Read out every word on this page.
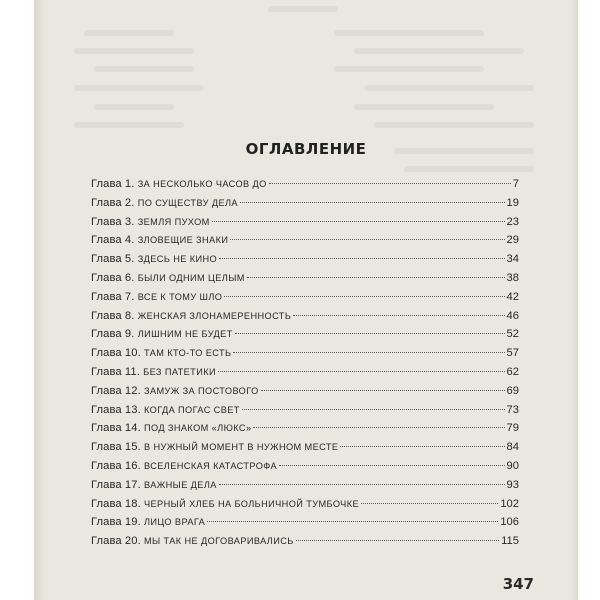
ОГЛАВЛЕНИЕ
Глава 1. ЗА НЕСКОЛЬКО ЧАСОВ ДО	7
Глава 2. ПО СУЩЕСТВУ ДЕЛА	19
Глава 3. ЗЕМЛЯ ПУХОМ	23
Глава 4. ЗЛОВЕЩИЕ ЗНАКИ	29
Глава 5. ЗДЕСЬ НЕ КИНО	34
Глава 6. БЫЛИ ОДНИМ ЦЕЛЫМ	38
Глава 7. ВСЕ К ТОМУ ШЛО	42
Глава 8. ЖЕНСКАЯ ЗЛОНАМЕРЕННОСТЬ	46
Глава 9. ЛИШНИМ НЕ БУДЕТ	52
Глава 10. ТАМ КТО-ТО ЕСТЬ	57
Глава 11. БЕЗ ПАТЕТИКИ	62
Глава 12. ЗАМУЖ ЗА ПОСТОВОГО	69
Глава 13. КОГДА ПОГАС СВЕТ	73
Глава 14. ПОД ЗНАКОМ «ЛЮКС»	79
Глава 15. В НУЖНЫЙ МОМЕНТ В НУЖНОМ МЕСТЕ	84
Глава 16. ВСЕЛЕНСКАЯ КАТАСТРОФА	90
Глава 17. ВАЖНЫЕ ДЕЛА	93
Глава 18. ЧЕРНЫЙ ХЛЕБ НА БОЛЬНИЧНОЙ ТУМБОЧКЕ	102
Глава 19. ЛИЦО ВРАГА	106
Глава 20. МЫ ТАК НЕ ДОГОВАРИВАЛИСЬ	115
347
